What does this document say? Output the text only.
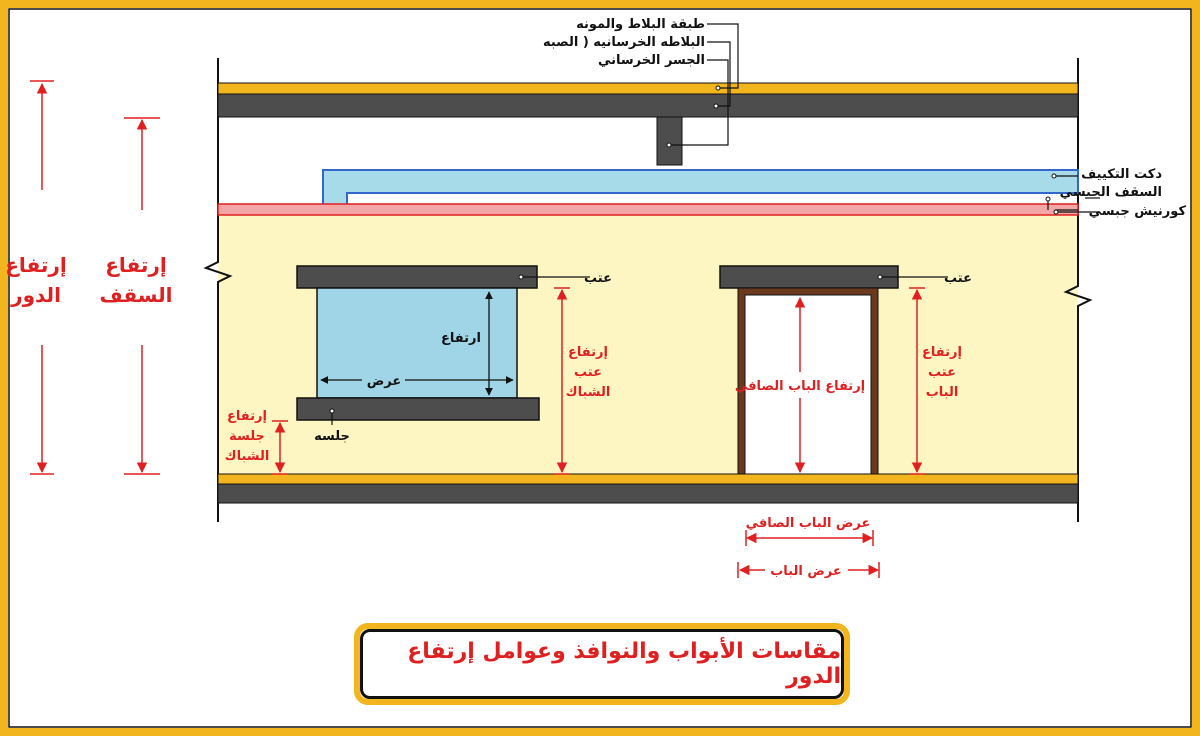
طبقة البلاط والمونه
البلاطه الخرسانيه ( الصبه
الجسر الخرساني
دكت التكييف
السقف الجبسي
كورنيش جبسي
عتب	عتب
ارتفاع
عرض
جلسه
إرتفاع
الدور
إرتفاع
السقف
إرتفاع
جلسة
الشباك
إرتفاع
عتب
الشباك	إرتفاع الباب الصافي
إرتفاع
عتب
الباب
عرض الباب الصافي
عرض الباب
مقاسات الأبواب والنوافذ وعوامل إرتفاع الدور
